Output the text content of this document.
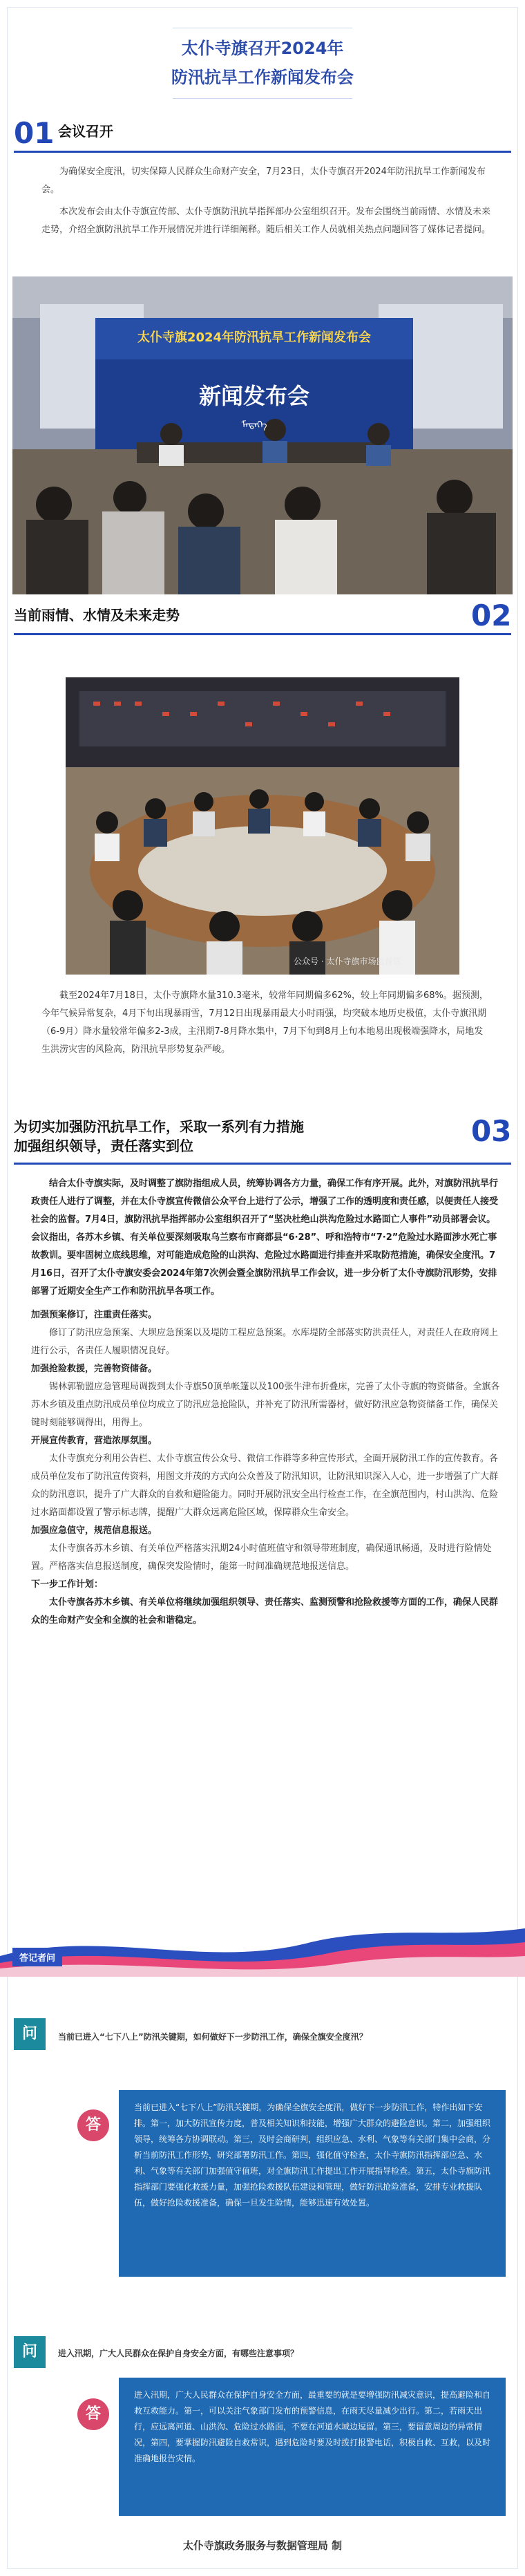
太仆寺旗召开2024年
防汛抗旱工作新闻发布会
01 会议召开
为确保安全度汛，切实保障人民群众生命财产安全，7月23日，太仆寺旗召开2024年防汛抗旱工作新闻发布会。
本次发布会由太仆寺旗宣传部、太仆寺旗防汛抗旱指挥部办公室组织召开。发布会围绕当前雨情、水情及未来走势，介绍全旗防汛抗旱工作开展情况并进行详细阐释。随后相关工作人员就相关热点问题回答了媒体记者提问。
太仆寺旗2024年防汛抗旱工作新闻发布会
新闻发布会
ᠮᠡᠳᠡᠭᠡ
当前雨情、水情及未来走势	02
公众号 · 太仆寺旗市场监督管
截至2024年7月18日，太仆寺旗降水量310.3毫米，较常年同期偏多62%，较上年同期偏多68%。据预测，今年气候异常复杂，4月下旬出现暴雨雪，7月12日出现暴雨最大小时雨强，均突破本地历史极值，太仆寺旗汛期（6-9月）降水量较常年偏多2-3成，主汛期7-8月降水集中，7月下旬到8月上旬本地易出现极端强降水，局地发生洪涝灾害的风险高，防汛抗旱形势复杂严峻。
为切实加强防汛抗旱工作，采取一系列有力措施
加强组织领导，责任落实到位	03
结合太仆寺旗实际，及时调整了旗防指组成人员，统筹协调各方力量，确保工作有序开展。此外，对旗防汛抗旱行政责任人进行了调整，并在太仆寺旗宣传微信公众平台上进行了公示，增强了工作的透明度和责任感，以便责任人接受社会的监督。7月4日，旗防汛抗旱指挥部办公室组织召开了“坚决杜绝山洪沟危险过水路面亡人事件”动员部署会议。会议指出，各苏木乡镇、有关单位要深刻吸取乌兰察布市商都县“6·28”、呼和浩特市“7·2”危险过水路面涉水死亡事故教训。要牢固树立底线思维，对可能造成危险的山洪沟、危险过水路面进行排查并采取防范措施，确保安全度汛。7月16日，召开了太仆寺旗安委会2024年第7次例会暨全旗防汛抗旱工作会议，进一步分析了太仆寺旗防汛形势，安排部署了近期安全生产工作和防汛抗旱各项工作。
加强预案修订，注重责任落实。
修订了防汛应急预案、大坝应急预案以及堤防工程应急预案。水库堤防全部落实防洪责任人，对责任人在政府网上进行公示，各责任人履职情况良好。
加强抢险救援，完善物资储备。
锡林郭勒盟应急管理局调拨到太仆寺旗50顶单帐篷以及100张牛津布折叠床，完善了太仆寺旗的物资储备。全旗各苏木乡镇及重点防汛成员单位均成立了防汛应急抢险队，并补充了防汛所需器材，做好防汛应急物资储备工作，确保关键时刻能够调得出，用得上。
开展宣传教育，营造浓厚氛围。
太仆寺旗充分利用公告栏、太仆寺旗宣传公众号、微信工作群等多种宣传形式，全面开展防汛工作的宣传教育。各成员单位发布了防汛宣传资料，用图文并茂的方式向公众普及了防汛知识，让防汛知识深入人心，进一步增强了广大群众的防汛意识，提升了广大群众的自救和避险能力。同时开展防汛安全出行检查工作，在全旗范围内，村山洪沟、危险过水路面都设置了警示标志牌，提醒广大群众远离危险区域，保障群众生命安全。
加强应急值守，规范信息报送。
太仆寺旗各苏木乡镇、有关单位严格落实汛期24小时值班值守和领导带班制度，确保通讯畅通，及时进行险情处置。严格落实信息报送制度，确保突发险情时，能第一时间准确规范地报送信息。
下一步工作计划：
太仆寺旗各苏木乡镇、有关单位将继续加强组织领导、责任落实、监测预警和抢险救援等方面的工作，确保人民群众的生命财产安全和全旗的社会和谐稳定。
答记者问
问	当前已进入“七下八上”防汛关键期，如何做好下一步防汛工作，确保全旗安全度汛？
当前已进入“七下八上”防汛关键期，为确保全旗安全度汛，做好下一步防汛工作，特作出如下安排。第一，加大防汛宣传力度，普及相关知识和技能，增强广大群众的避险意识。第二，加强组织领导，统筹各方协调联动。第三，及时会商研判，组织应急、水利、气象等有关部门集中会商，分析当前防汛工作形势，研究部署防汛工作。第四，强化值守检查，太仆寺旗防汛指挥部应急、水利、气象等有关部门加强值守值班，对全旗防汛工作提出工作开展指导检查。第五，太仆寺旗防汛指挥部门要强化救援力量，加强抢险救援队伍建设和管理，做好防汛抢险准备，安排专业救援队伍，做好抢险救援准备，确保一旦发生险情，能够迅速有效处置。
答
问	进入汛期，广大人民群众在保护自身安全方面，有哪些注意事项？
进入汛期，广大人民群众在保护自身安全方面，最重要的就是要增强防汛减灾意识，提高避险和自救互救能力。第一，可以关注气象部门发布的预警信息，在雨天尽量减少出行。第二，若雨天出行，应远离河道、山洪沟、危险过水路面，不要在河道水域边逗留。第三，要留意周边的异常情况，第四，要掌握防汛避险自救常识，遇到危险时要及时拨打报警电话，积极自救、互救，以及时准确地报告灾情。
答
太仆寺旗政务服务与数据管理局 制
